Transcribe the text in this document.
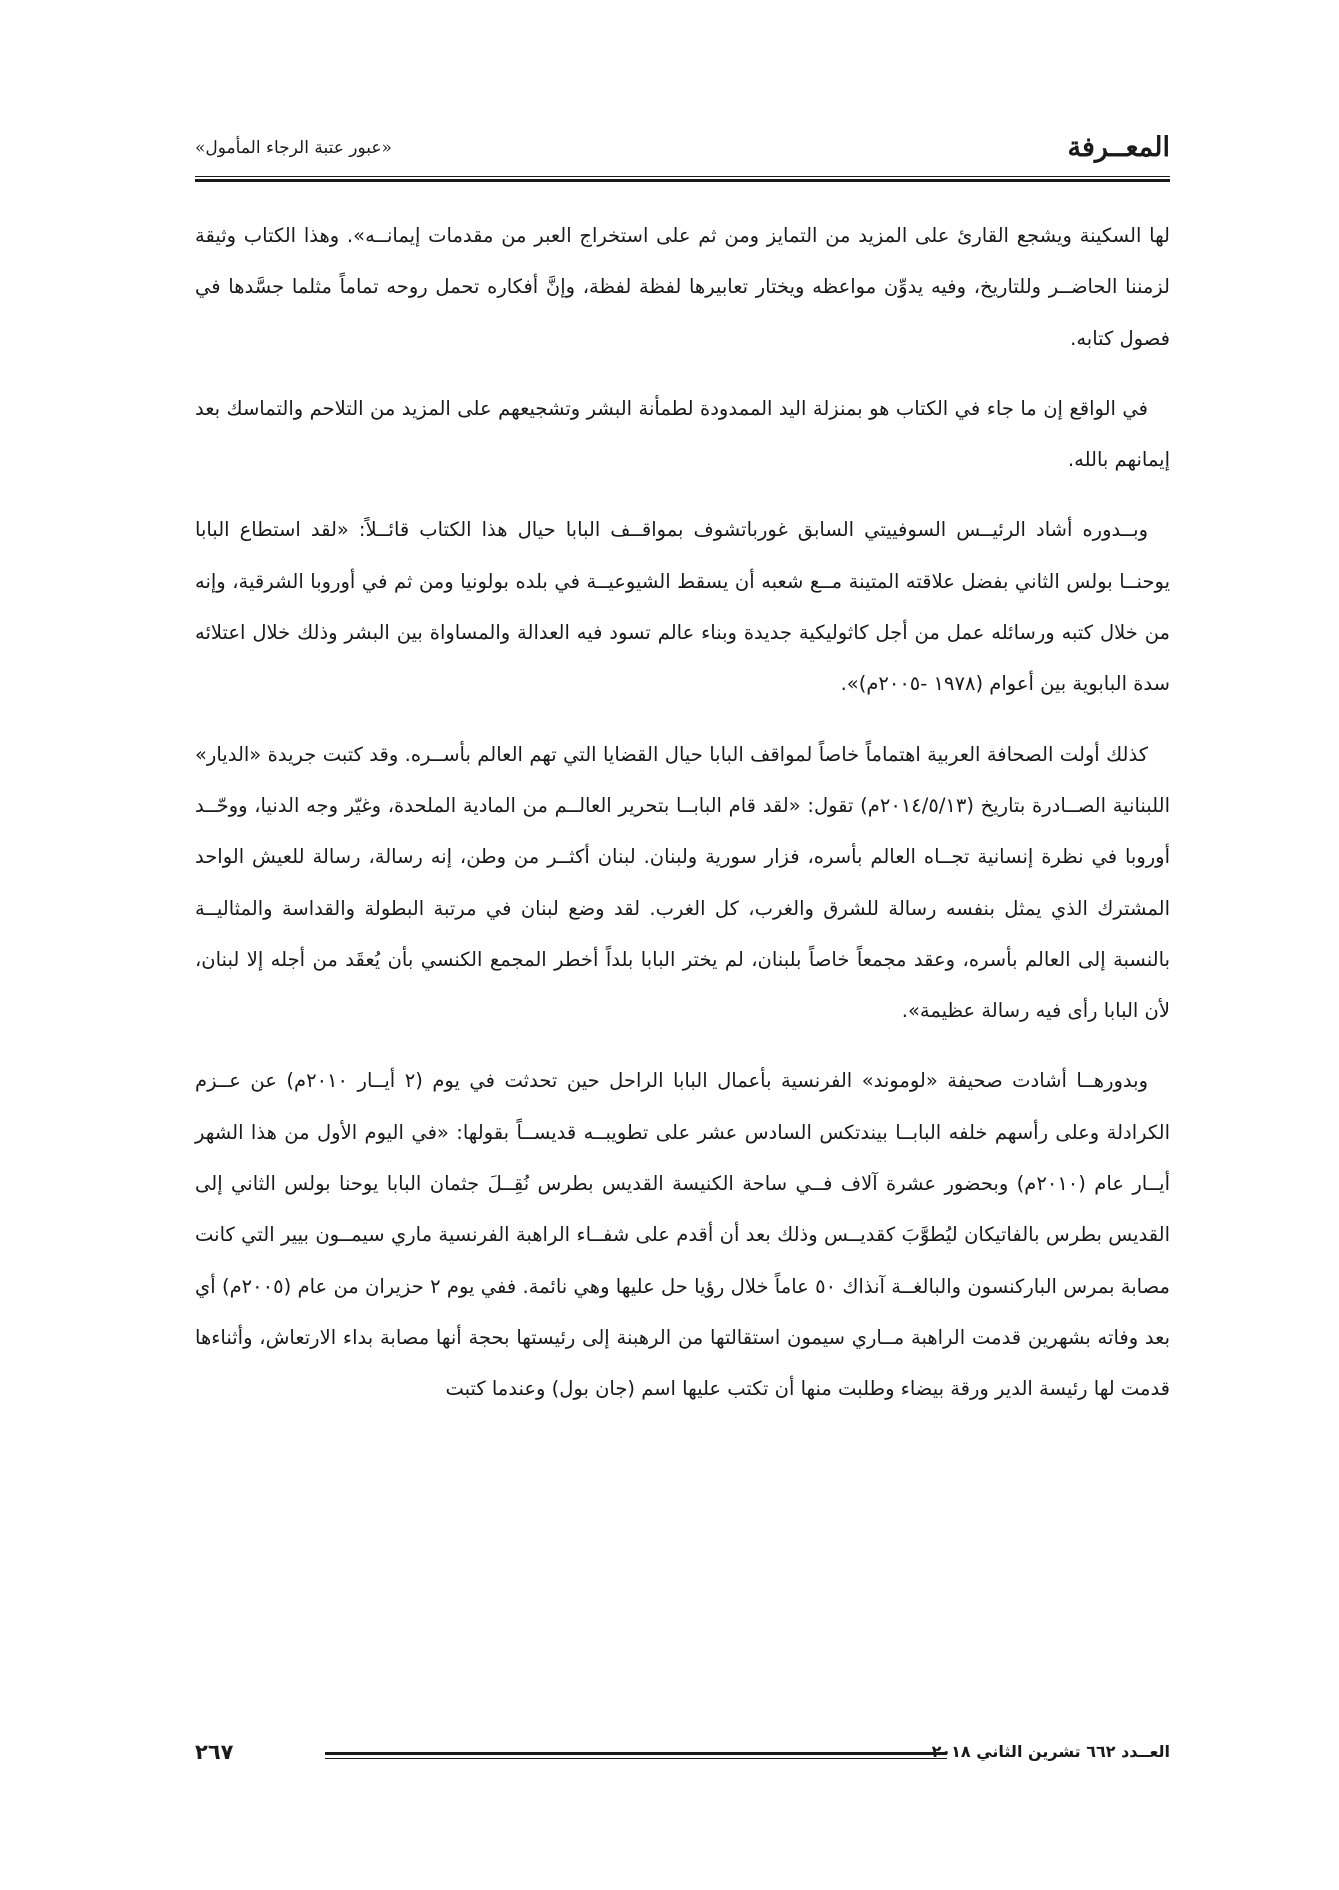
المعــرفة
«عبور عتبة الرجاء المأمول»

لها السكينة ويشجع القارئ على المزيد من التمايز ومن ثم على استخراج العبر من مقدمات إيمانــه». وهذا الكتاب وثيقة لزمننا الحاضــر وللتاريخ، وفيه يدوِّن مواعظه ويختار تعابيرها لفظة لفظة، وإنَّ أفكاره تحمل روحه تماماً مثلما جسَّدها في فصول كتابه.

في الواقع إن ما جاء في الكتاب هو بمنزلة اليد الممدودة لطمأنة البشر وتشجيعهم على المزيد من التلاحم والتماسك بعد إيمانهم بالله.

وبــدوره أشاد الرئيــس السوفييتي السابق غورباتشوف بمواقــف البابا حيال هذا الكتاب قائــلاً: «لقد استطاع البابا يوحنــا بولس الثاني بفضل علاقته المتينة مــع شعبه أن يسقط الشيوعيــة في بلده بولونيا ومن ثم في أوروبا الشرقية، وإنه من خلال كتبه ورسائله عمل من أجل كاثوليكية جديدة وبناء عالم تسود فيه العدالة والمساواة بين البشر وذلك خلال اعتلائه سدة البابوية بين أعوام (١٩٧٨ -٢٠٠٥م)».

كذلك أولت الصحافة العربية اهتماماً خاصاً لمواقف البابا حيال القضايا التي تهم العالم بأســره. وقد كتبت جريدة «الديار» اللبنانية الصــادرة بتاريخ (٢٠١٤/٥/١٣م) تقول: «لقد قام البابــا بتحرير العالــم من المادية الملحدة، وغيّر وجه الدنيا، ووحّــد أوروبا في نظرة إنسانية تجــاه العالم بأسره، فزار سورية ولبنان. لبنان أكثــر من وطن، إنه رسالة، رسالة للعيش الواحد المشترك الذي يمثل بنفسه رسالة للشرق والغرب، كل الغرب. لقد وضع لبنان في مرتبة البطولة والقداسة والمثاليــة بالنسبة إلى العالم بأسره، وعقد مجمعاً خاصاً بلبنان، لم يختر البابا بلداً أخطر المجمع الكنسي بأن يُعقَد من أجله إلا لبنان، لأن البابا رأى فيه رسالة عظيمة».

وبدورهــا أشادت صحيفة «لوموند» الفرنسية بأعمال البابا الراحل حين تحدثت في يوم (٢ أيــار ٢٠١٠م) عن عــزم الكرادلة وعلى رأسهم خلفه البابــا بيندتكس السادس عشر على تطويبــه قديســاً بقولها: «في اليوم الأول من هذا الشهر أيــار عام (٢٠١٠م) وبحضور عشرة آلاف فــي ساحة الكنيسة القديس بطرس نُقِــلَ جثمان البابا يوحنا بولس الثاني إلى القديس بطرس بالفاتيكان ليُطوَّبَ كقديــس وذلك بعد أن أقدم على شفــاء الراهبة الفرنسية ماري سيمــون بيير التي كانت مصابة بمرس الباركنسون والبالغــة آنذاك ٥٠ عاماً خلال رؤيا حل عليها وهي نائمة. ففي يوم ٢ حزيران من عام (٢٠٠٥م) أي بعد وفاته بشهرين قدمت الراهبة مــاري سيمون استقالتها من الرهبنة إلى رئيستها بحجة أنها مصابة بداء الارتعاش، وأثناءها قدمت لها رئيسة الدير ورقة بيضاء وطلبت منها أن تكتب عليها اسم (جان بول) وعندما كتبت

٢٦٧	العــدد ٦٦٢ تشرين الثاني ٢٠١٨
